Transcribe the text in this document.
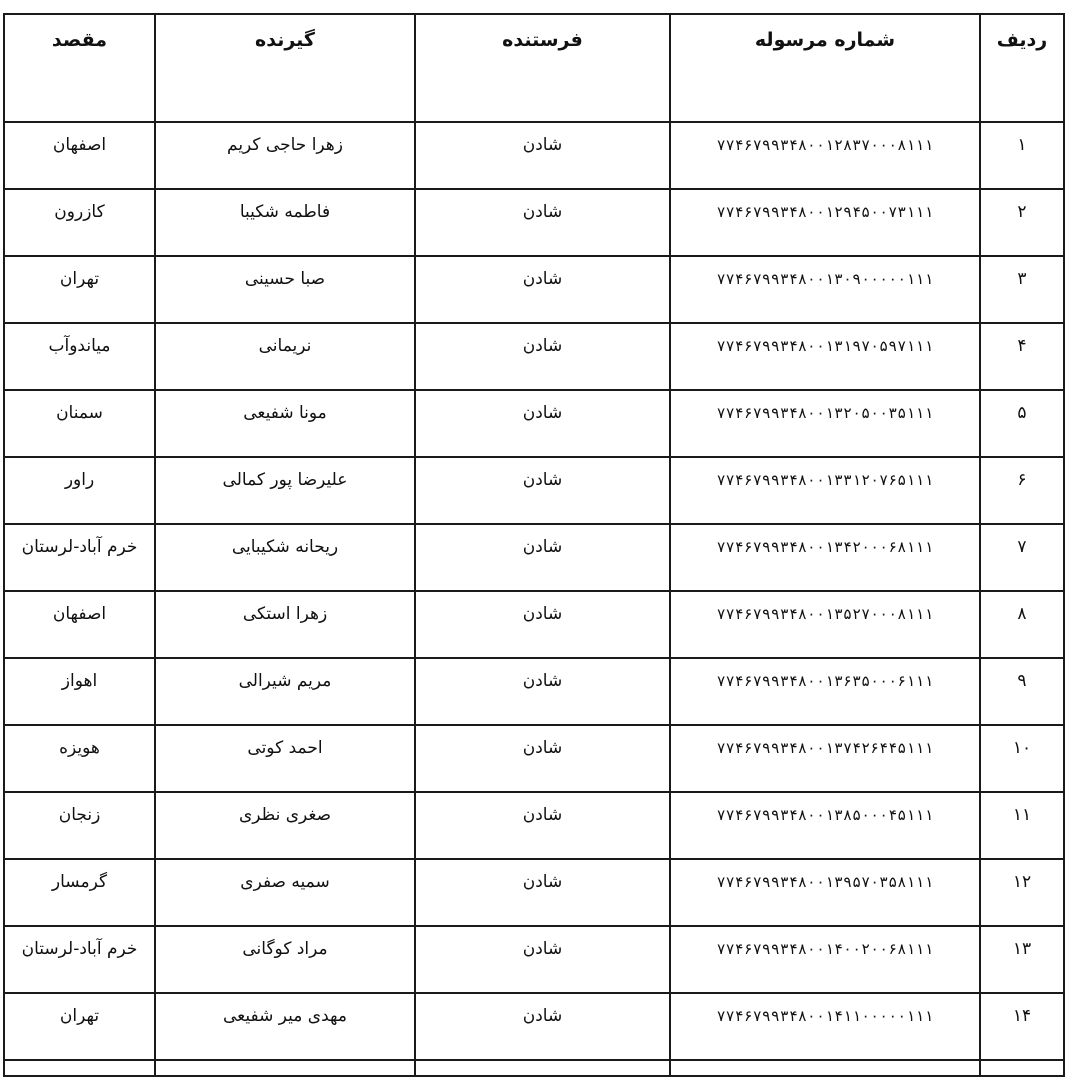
ردیف	شماره مرسوله	فرستنده	گیرنده	مقصد
۱	۷۷۴۶۷۹۹۳۴۸۰۰۱۲۸۳۷۰۰۰۸۱۱۱	شادن	زهرا حاجی کریم	اصفهان
۲	۷۷۴۶۷۹۹۳۴۸۰۰۱۲۹۴۵۰۰۷۳۱۱۱	شادن	فاطمه شکیبا	کازرون
۳	۷۷۴۶۷۹۹۳۴۸۰۰۱۳۰۹۰۰۰۰۰۱۱۱	شادن	صبا حسینی	تهران
۴	۷۷۴۶۷۹۹۳۴۸۰۰۱۳۱۹۷۰۵۹۷۱۱۱	شادن	نریمانی	میاندوآب
۵	۷۷۴۶۷۹۹۳۴۸۰۰۱۳۲۰۵۰۰۳۵۱۱۱	شادن	مونا شفیعی	سمنان
۶	۷۷۴۶۷۹۹۳۴۸۰۰۱۳۳۱۲۰۷۶۵۱۱۱	شادن	علیرضا پور کمالی	راور
۷	۷۷۴۶۷۹۹۳۴۸۰۰۱۳۴۲۰۰۰۶۸۱۱۱	شادن	ریحانه شکیبایی	خرم آباد-لرستان
۸	۷۷۴۶۷۹۹۳۴۸۰۰۱۳۵۲۷۰۰۰۸۱۱۱	شادن	زهرا استکی	اصفهان
۹	۷۷۴۶۷۹۹۳۴۸۰۰۱۳۶۳۵۰۰۰۶۱۱۱	شادن	مریم شیرالی	اهواز
۱۰	۷۷۴۶۷۹۹۳۴۸۰۰۱۳۷۴۲۶۴۴۵۱۱۱	شادن	احمد کوتی	هویزه
۱۱	۷۷۴۶۷۹۹۳۴۸۰۰۱۳۸۵۰۰۰۴۵۱۱۱	شادن	صغری نظری	زنجان
۱۲	۷۷۴۶۷۹۹۳۴۸۰۰۱۳۹۵۷۰۳۵۸۱۱۱	شادن	سمیه صفری	گرمسار
۱۳	۷۷۴۶۷۹۹۳۴۸۰۰۱۴۰۰۲۰۰۶۸۱۱۱	شادن	مراد کوگانی	خرم آباد-لرستان
۱۴	۷۷۴۶۷۹۹۳۴۸۰۰۱۴۱۱۰۰۰۰۰۱۱۱	شادن	مهدی میر شفیعی	تهران
